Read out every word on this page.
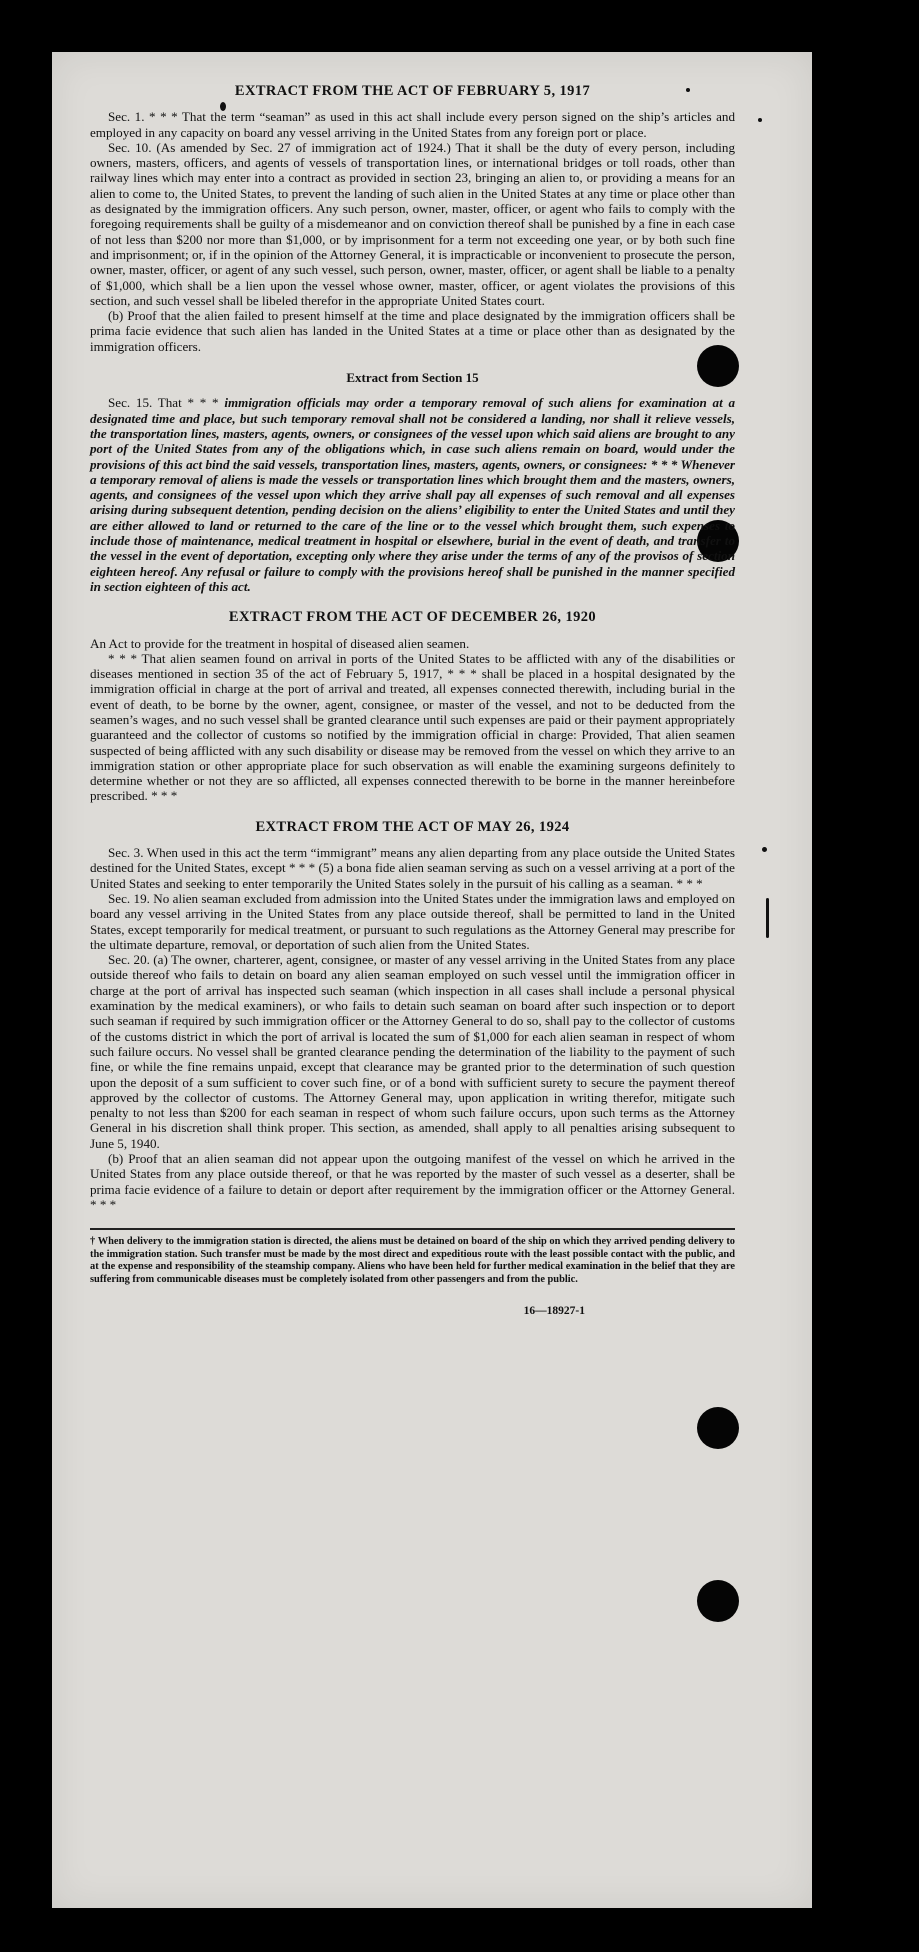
EXTRACT FROM THE ACT OF FEBRUARY 5, 1917

Sec. 1. * * * That the term “seaman” as used in this act shall include every person signed on the ship’s articles and employed in any capacity on board any vessel arriving in the United States from any foreign port or place.

Sec. 10. (As amended by Sec. 27 of immigration act of 1924.) That it shall be the duty of every person, including owners, masters, officers, and agents of vessels of transportation lines, or international bridges or toll roads, other than railway lines which may enter into a contract as provided in section 23, bringing an alien to, or providing a means for an alien to come to, the United States, to prevent the landing of such alien in the United States at any time or place other than as designated by the immigration officers. Any such person, owner, master, officer, or agent who fails to comply with the foregoing requirements shall be guilty of a misdemeanor and on conviction thereof shall be punished by a fine in each case of not less than $200 nor more than $1,000, or by imprisonment for a term not exceeding one year, or by both such fine and imprisonment; or, if in the opinion of the Attorney General, it is impracticable or inconvenient to prosecute the person, owner, master, officer, or agent of any such vessel, such person, owner, master, officer, or agent shall be liable to a penalty of $1,000, which shall be a lien upon the vessel whose owner, master, officer, or agent violates the provisions of this section, and such vessel shall be libeled therefor in the appropriate United States court.

(b) Proof that the alien failed to present himself at the time and place designated by the immigration officers shall be prima facie evidence that such alien has landed in the United States at a time or place other than as designated by the immigration officers.

Extract from Section 15

Sec. 15. That * * * immigration officials may order a temporary removal of such aliens for examination at a designated time and place, but such temporary removal shall not be considered a landing, nor shall it relieve vessels, the transportation lines, masters, agents, owners, or consignees of the vessel upon which said aliens are brought to any port of the United States from any of the obligations which, in case such aliens remain on board, would under the provisions of this act bind the said vessels, transportation lines, masters, agents, owners, or consignees: * * * Whenever a temporary removal of aliens is made the vessels or transportation lines which brought them and the masters, owners, agents, and consignees of the vessel upon which they arrive shall pay all expenses of such removal and all expenses arising during subsequent detention, pending decision on the aliens’ eligibility to enter the United States and until they are either allowed to land or returned to the care of the line or to the vessel which brought them, such expenses to include those of maintenance, medical treatment in hospital or elsewhere, burial in the event of death, and transfer to the vessel in the event of deportation, excepting only where they arise under the terms of any of the provisos of section eighteen hereof. Any refusal or failure to comply with the provisions hereof shall be punished in the manner specified in section eighteen of this act.

EXTRACT FROM THE ACT OF DECEMBER 26, 1920

An Act to provide for the treatment in hospital of diseased alien seamen.

* * * That alien seamen found on arrival in ports of the United States to be afflicted with any of the disabilities or diseases mentioned in section 35 of the act of February 5, 1917, * * * shall be placed in a hospital designated by the immigration official in charge at the port of arrival and treated, all expenses connected therewith, including burial in the event of death, to be borne by the owner, agent, consignee, or master of the vessel, and not to be deducted from the seamen’s wages, and no such vessel shall be granted clearance until such expenses are paid or their payment appropriately guaranteed and the collector of customs so notified by the immigration official in charge: Provided, That alien seamen suspected of being afflicted with any such disability or disease may be removed from the vessel on which they arrive to an immigration station or other appropriate place for such observation as will enable the examining surgeons definitely to determine whether or not they are so afflicted, all expenses connected therewith to be borne in the manner hereinbefore prescribed. * * *

EXTRACT FROM THE ACT OF MAY 26, 1924

Sec. 3. When used in this act the term “immigrant” means any alien departing from any place outside the United States destined for the United States, except * * * (5) a bona fide alien seaman serving as such on a vessel arriving at a port of the United States and seeking to enter temporarily the United States solely in the pursuit of his calling as a seaman. * * *

Sec. 19. No alien seaman excluded from admission into the United States under the immigration laws and employed on board any vessel arriving in the United States from any place outside thereof, shall be permitted to land in the United States, except temporarily for medical treatment, or pursuant to such regulations as the Attorney General may prescribe for the ultimate departure, removal, or deportation of such alien from the United States.

Sec. 20. (a) The owner, charterer, agent, consignee, or master of any vessel arriving in the United States from any place outside thereof who fails to detain on board any alien seaman employed on such vessel until the immigration officer in charge at the port of arrival has inspected such seaman (which inspection in all cases shall include a personal physical examination by the medical examiners), or who fails to detain such seaman on board after such inspection or to deport such seaman if required by such immigration officer or the Attorney General to do so, shall pay to the collector of customs of the customs district in which the port of arrival is located the sum of $1,000 for each alien seaman in respect of whom such failure occurs. No vessel shall be granted clearance pending the determination of the liability to the payment of such fine, or while the fine remains unpaid, except that clearance may be granted prior to the determination of such question upon the deposit of a sum sufficient to cover such fine, or of a bond with sufficient surety to secure the payment thereof approved by the collector of customs. The Attorney General may, upon application in writing therefor, mitigate such penalty to not less than $200 for each seaman in respect of whom such failure occurs, upon such terms as the Attorney General in his discretion shall think proper. This section, as amended, shall apply to all penalties arising subsequent to June 5, 1940.

(b) Proof that an alien seaman did not appear upon the outgoing manifest of the vessel on which he arrived in the United States from any place outside thereof, or that he was reported by the master of such vessel as a deserter, shall be prima facie evidence of a failure to detain or deport after requirement by the immigration officer or the Attorney General. * * *

† When delivery to the immigration station is directed, the aliens must be detained on board of the ship on which they arrived pending delivery to the immigration station. Such transfer must be made by the most direct and expeditious route with the least possible contact with the public, and at the expense and responsibility of the steamship company. Aliens who have been held for further medical examination in the belief that they are suffering from communicable diseases must be completely isolated from other passengers and from the public.
16—18927-1
